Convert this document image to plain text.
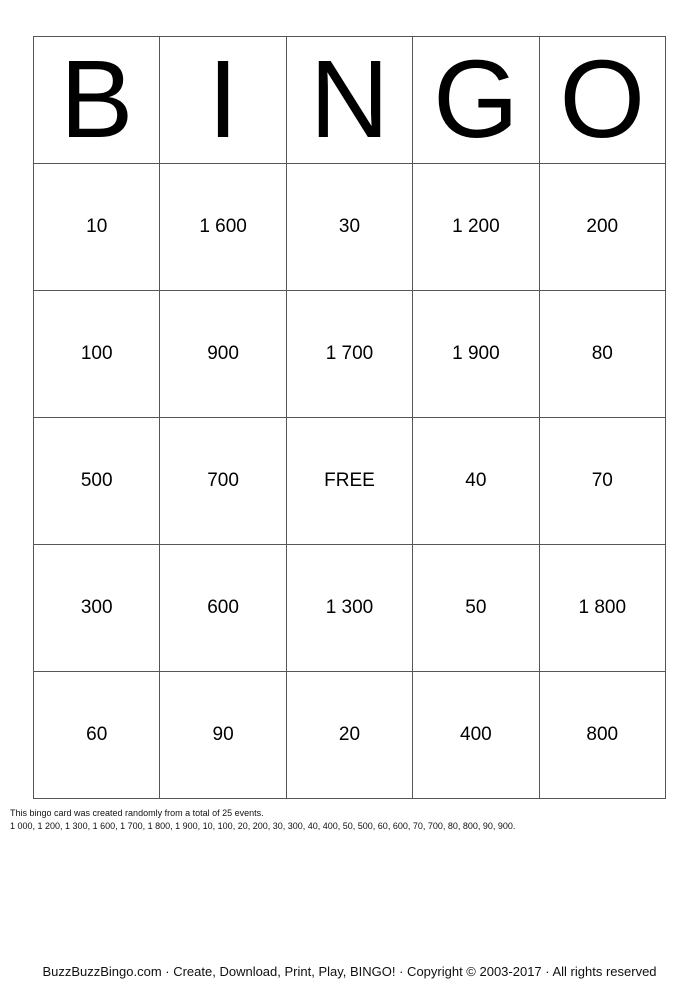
B	I	N	G	O
10	1 600	30	1 200	200
100	900	1 700	1 900	80
500	700	FREE	40	70
300	600	1 300	50	1 800
60	90	20	400	800
This bingo card was created randomly from a total of 25 events.
1 000, 1 200, 1 300, 1 600, 1 700, 1 800, 1 900, 10, 100, 20, 200, 30, 300, 40, 400, 50, 500, 60, 600, 70, 700, 80, 800, 90, 900.
BuzzBuzzBingo.com · Create, Download, Print, Play, BINGO! · Copyright © 2003-2017 · All rights reserved
